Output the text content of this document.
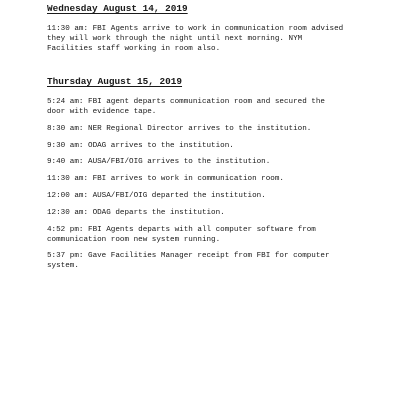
Wednesday August 14, 2019

11:30 am: FBI Agents arrive to work in communication room advised
they will work through the night until next morning. NYM
Facilities staff working in room also.

Thursday August 15, 2019

5:24 am: FBI agent departs communication room and secured the
door with evidence tape.
8:30 am: NER Regional Director arrives to the institution.
9:30 am: ODAG arrives to the institution.
9:40 am: AUSA/FBI/OIG arrives to the institution.
11:30 am: FBI arrives to work in communication room.
12:00 am: AUSA/FBI/OIG departed the institution.
12:30 am: ODAG departs the institution.
4:52 pm: FBI Agents departs with all computer software from
communication room new system running.
5:37 pm: Gave Facilities Manager receipt from FBI for computer
system.
